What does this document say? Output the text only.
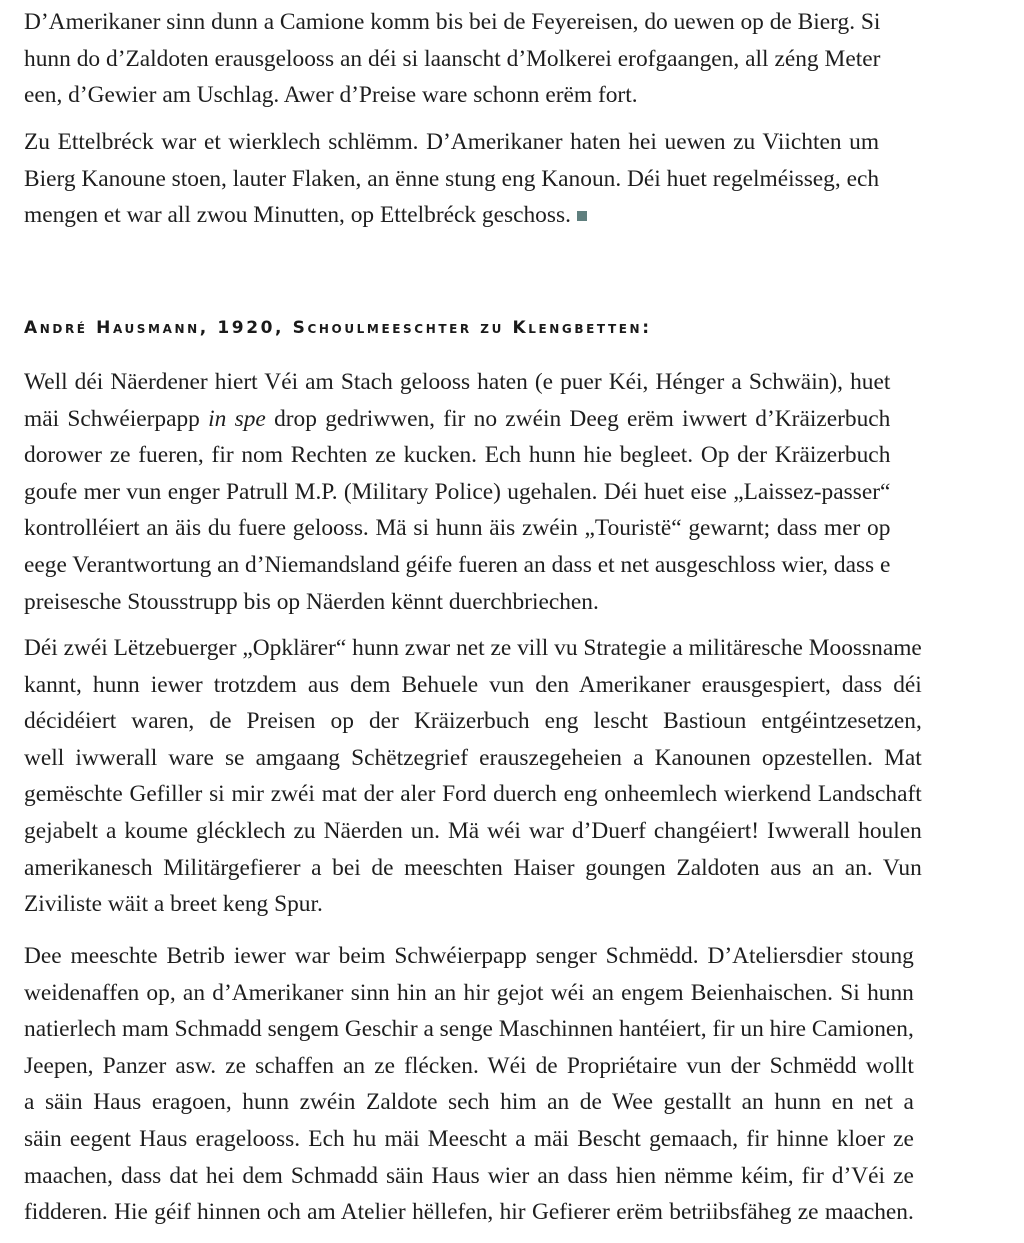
D’Amerikaner sinn dunn a Camione komm bis bei de Feyereisen, do uewen op de Bierg. Si
hunn do d’Zaldoten erausgelooss an déi si laanscht d’Molkerei erofgaangen, all zéng Meter
een, d’Gewier am Uschlag. Awer d’Preise ware schonn erëm fort.

Zu Ettelbréck war et wierklech schlëmm. D’Amerikaner haten hei uewen zu Viichten um
Bierg Kanoune stoen, lauter Flaken, an ënne stung eng Kanoun. Déi huet regelméisseg, ech
mengen et war all zwou Minutten, op Ettelbréck geschoss.

André Hausmann, 1920, Schoulmeeschter zu Klengbetten:

Well déi Näerdener hiert Véi am Stach gelooss haten (e puer Kéi, Hénger a Schwäin), huet
mäi Schwéierpapp in spe drop gedriwwen, fir no zwéin Deeg erëm iwwert d’Kräizerbuch
dorower ze fueren, fir nom Rechten ze kucken. Ech hunn hie begleet. Op der Kräizerbuch
goufe mer vun enger Patrull M.P. (Military Police) ugehalen. Déi huet eise „Laissez-passer“
kontrolléiert an äis du fuere gelooss. Mä si hunn äis zwéin „Touristë“ gewarnt; dass mer op
eege Verantwortung an d’Niemandsland géife fueren an dass et net ausgeschloss wier, dass e
preisesche Stousstrupp bis op Näerden kënnt duerchbriechen.

Déi zwéi Lëtzebuerger „Opklärer“ hunn zwar net ze vill vu Strategie a militäresche Moossname
kannt, hunn iewer trotzdem aus dem Behuele vun den Amerikaner erausgespiert, dass déi
décidéiert waren, de Preisen op der Kräizerbuch eng lescht Bastioun entgéintzesetzen,
well iwwerall ware se amgaang Schëtzegrief erauszegeheien a Kanounen opzestellen. Mat
gemëschte Gefiller si mir zwéi mat der aler Ford duerch eng onheemlech wierkend Landschaft
gejabelt a koume glécklech zu Näerden un. Mä wéi war d’Duerf changéiert! Iwwerall houlen
amerikanesch Militärgefierer a bei de meeschten Haiser goungen Zaldoten aus an an. Vun
Ziviliste wäit a breet keng Spur.

Dee meeschte Betrib iewer war beim Schwéierpapp senger Schmëdd. D’Ateliersdier stoung
weidenaffen op, an d’Amerikaner sinn hin an hir gejot wéi an engem Beienhaischen. Si hunn
natierlech mam Schmadd sengem Geschir a senge Maschinnen hantéiert, fir un hire Camionen,
Jeepen, Panzer asw. ze schaffen an ze flécken. Wéi de Propriétaire vun der Schmëdd wollt
a säin Haus eragoen, hunn zwéin Zaldote sech him an de Wee gestallt an hunn en net a
säin eegent Haus eragelooss. Ech hu mäi Meescht a mäi Bescht gemaach, fir hinne kloer ze
maachen, dass dat hei dem Schmadd säin Haus wier an dass hien nëmme kéim, fir d’Véi ze
fidderen. Hie géif hinnen och am Atelier hëllefen, hir Gefierer erëm betriibsfäheg ze maachen.
